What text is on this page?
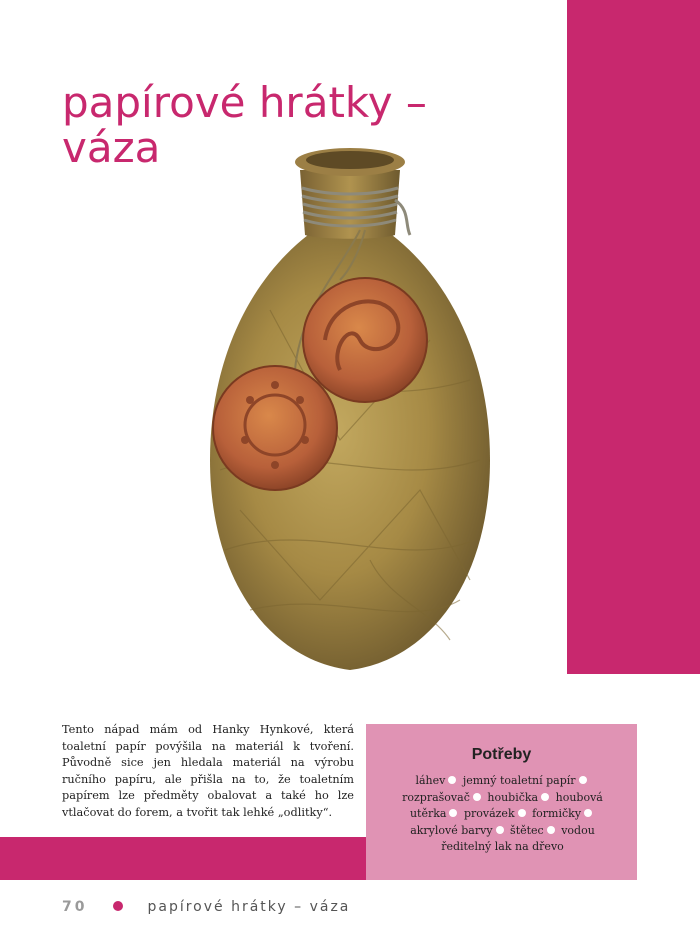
papírové hrátky –
váza

Tento nápad mám od Hanky Hynkové, která toaletní papír povýšila na materiál k tvoření. Původně sice jen hledala materiál na výrobu ručního papíru, ale přišla na to, že toaletním papírem lze předměty obalovat a také ho lze vtlačovat do forem, a tvořit tak lehké „odlitky“.

Potřeby

láhev jemný toaletní papír rozprašovač houbička houbová utěrka provázek formičky akrylové barvy štětec vodou ředitelný lak na dřevo

70	papírové hrátky – váza
